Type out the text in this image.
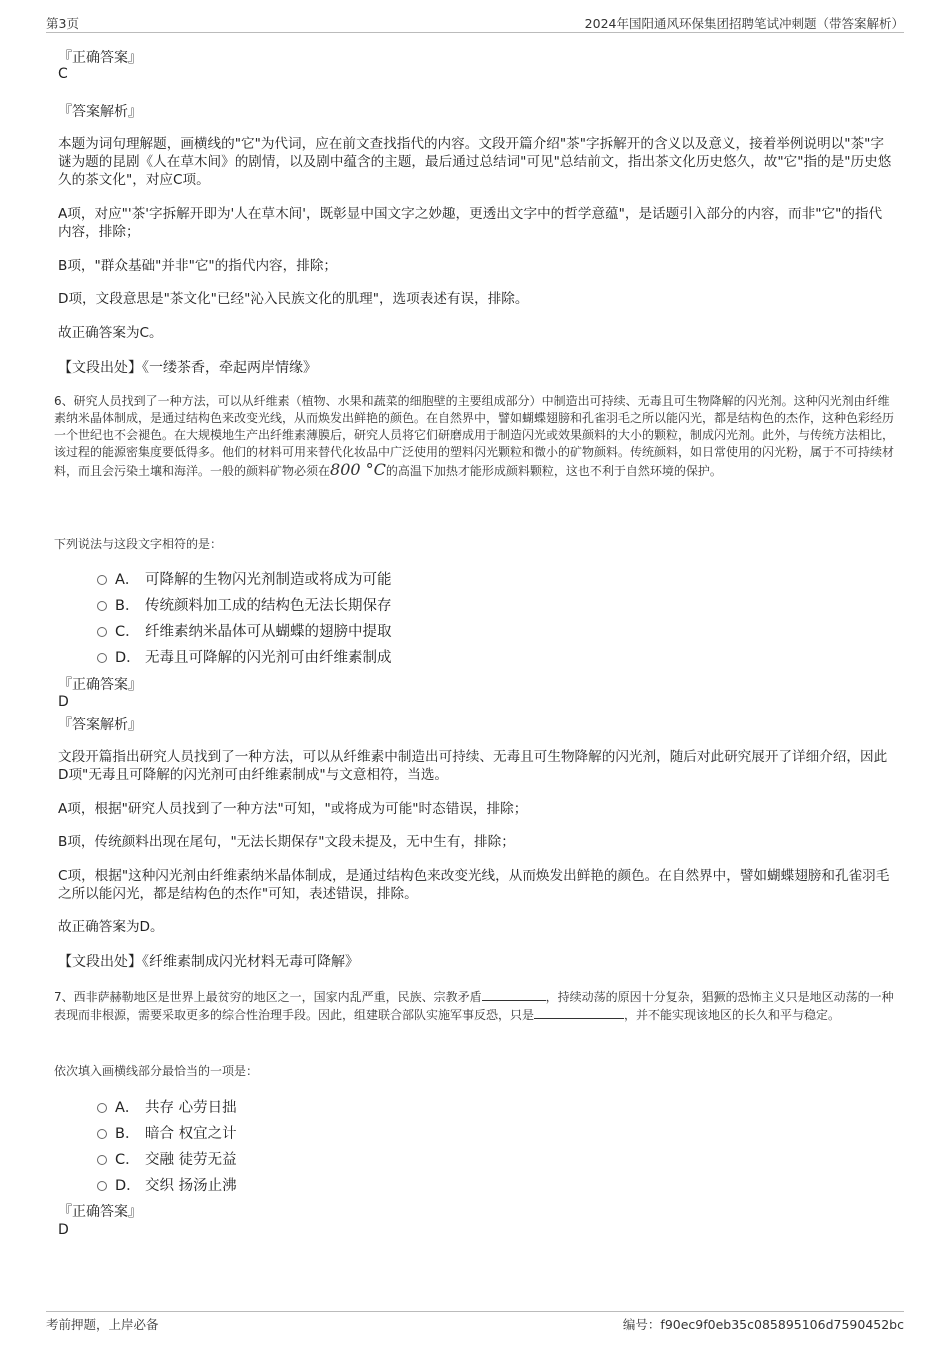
第3页	2024年国阳通风环保集团招聘笔试冲刺题（带答案解析）
『正确答案』
C
『答案解析』
本题为词句理解题，画横线的"它"为代词，应在前文查找指代的内容。文段开篇介绍"茶"字拆解开的含义以及意义，接着举例说明以"茶"字谜为题的昆剧《人在草木间》的剧情，以及剧中蕴含的主题，最后通过总结词"可见"总结前文，指出茶文化历史悠久，故"它"指的是"历史悠久的茶文化"，对应C项。
A项，对应"'茶'字拆解开即为'人在草木间'，既彰显中国文字之妙趣，更透出文字中的哲学意蕴"，是话题引入部分的内容，而非"它"的指代内容，排除；
B项，"群众基础"并非"它"的指代内容，排除；
D项，文段意思是"茶文化"已经"沁入民族文化的肌理"，选项表述有误，排除。
故正确答案为C。
【文段出处】《一缕茶香，牵起两岸情缘》
6、研究人员找到了一种方法，可以从纤维素（植物、水果和蔬菜的细胞壁的主要组成部分）中制造出可持续、无毒且可生物降解的闪光剂。这种闪光剂由纤维素纳米晶体制成，是通过结构色来改变光线，从而焕发出鲜艳的颜色。在自然界中，譬如蝴蝶翅膀和孔雀羽毛之所以能闪光，都是结构色的杰作，这种色彩经历一个世纪也不会褪色。在大规模地生产出纤维素薄膜后，研究人员将它们研磨成用于制造闪光或效果颜料的大小的颗粒，制成闪光剂。此外，与传统方法相比，该过程的能源密集度要低得多。他们的材料可用来替代化妆品中广泛使用的塑料闪光颗粒和微小的矿物颜料。传统颜料，如日常使用的闪光粉，属于不可持续材料，而且会污染土壤和海洋。一般的颜料矿物必须在800 °C的高温下加热才能形成颜料颗粒，这也不利于自然环境的保护。
下列说法与这段文字相符的是：
A． 可降解的生物闪光剂制造或将成为可能
B． 传统颜料加工成的结构色无法长期保存
C． 纤维素纳米晶体可从蝴蝶的翅膀中提取
D． 无毒且可降解的闪光剂可由纤维素制成
『正确答案』
D
『答案解析』
文段开篇指出研究人员找到了一种方法，可以从纤维素中制造出可持续、无毒且可生物降解的闪光剂，随后对此研究展开了详细介绍，因此D项"无毒且可降解的闪光剂可由纤维素制成"与文意相符，当选。
A项，根据"研究人员找到了一种方法"可知，"或将成为可能"时态错误，排除；
B项，传统颜料出现在尾句，"无法长期保存"文段未提及，无中生有，排除；
C项，根据"这种闪光剂由纤维素纳米晶体制成，是通过结构色来改变光线，从而焕发出鲜艳的颜色。在自然界中，譬如蝴蝶翅膀和孔雀羽毛之所以能闪光，都是结构色的杰作"可知，表述错误，排除。
故正确答案为D。
【文段出处】《纤维素制成闪光材料无毒可降解》
7、西非萨赫勒地区是世界上最贫穷的地区之一，国家内乱严重，民族、宗教矛盾	，持续动荡的原因十分复杂，猖獗的恐怖主义只是地区动荡的一种表现而非根源，需要采取更多的综合性治理手段。因此，组建联合部队实施军事反恐，只是	，并不能实现该地区的长久和平与稳定。
依次填入画横线部分最恰当的一项是：
A． 共存 心劳日拙
B． 暗合 权宜之计
C． 交融 徒劳无益
D． 交织 扬汤止沸
『正确答案』
D
考前押题，上岸必备	编号：f90ec9f0eb35c085895106d7590452bc
